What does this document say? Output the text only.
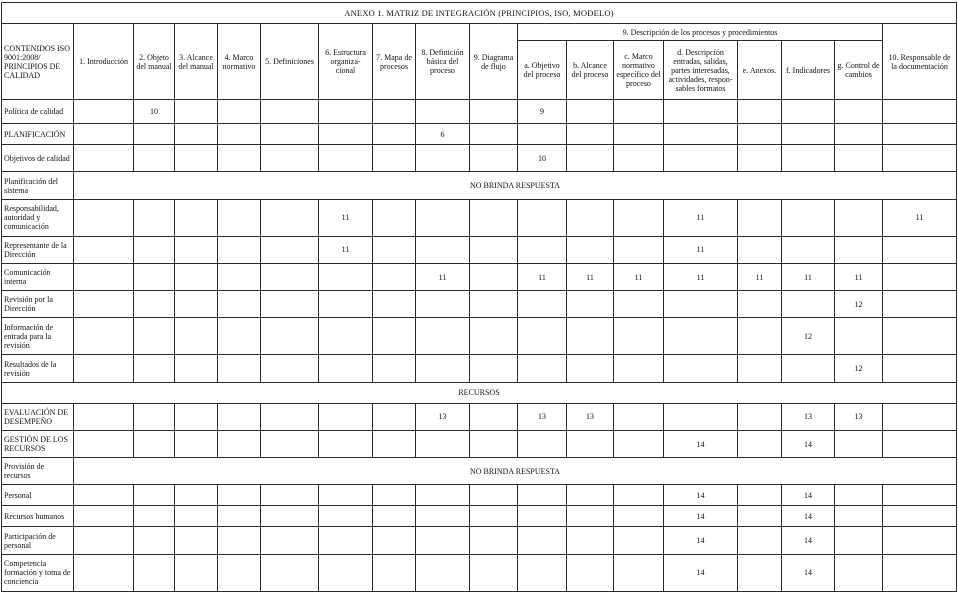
ANEXO 1. MATRIZ DE INTEGRACIÓN (PRINCIPIOS, ISO, MODELO)																	
CONTENIDOS ISO 9001:2008/ PRINCIPIOS DE CALIDAD	1. Introducción	2. Objeto del manual	3. Alcance del manual	4. Marco normativo	5. Definiciones	6. Estructura organiza- cional	7. Mapa de procesos	8. Definición básica del proceso	9. Diagrama de flujo	9. Descripción de los procesos y procedimientos							10. Responsable de la documentación
										a. Objetivo del proceso	b. Alcance del proceso	c. Marco normativo específico del proceso	d. Descripción entradas, salidas, partes interesadas, actividades, respon- sables formatos	e. Anexos.	f. Indicadores	g. Control de cambios	
Política de calidad		10								9							
PLANIFICACIÓN								6									
Objetivos de calidad										10							
Planificación del sistema	NO BRINDA RESPUESTA																
Responsabilidad, autoridad y comunicación						11							11				11
Representante de la Dirección						11							11				
Comunicación interna								11		11	11	11	11	11	11	11	
Revisión por la Dirección																12	
Información de entrada para la revisión															12		
Resultados de la revisión																12	
RECURSOS																	
EVALUACIÓN DE DESEMPEÑO								13		13	13				13	13	
GESTIÓN DE LOS RECURSOS													14		14		
Provisión de recursos	NO BRINDA RESPUESTA																
Personal													14		14		
Recursos humanos													14		14		
Participación de personal													14		14		
Competencia formación y toma de conciencia													14		14		
